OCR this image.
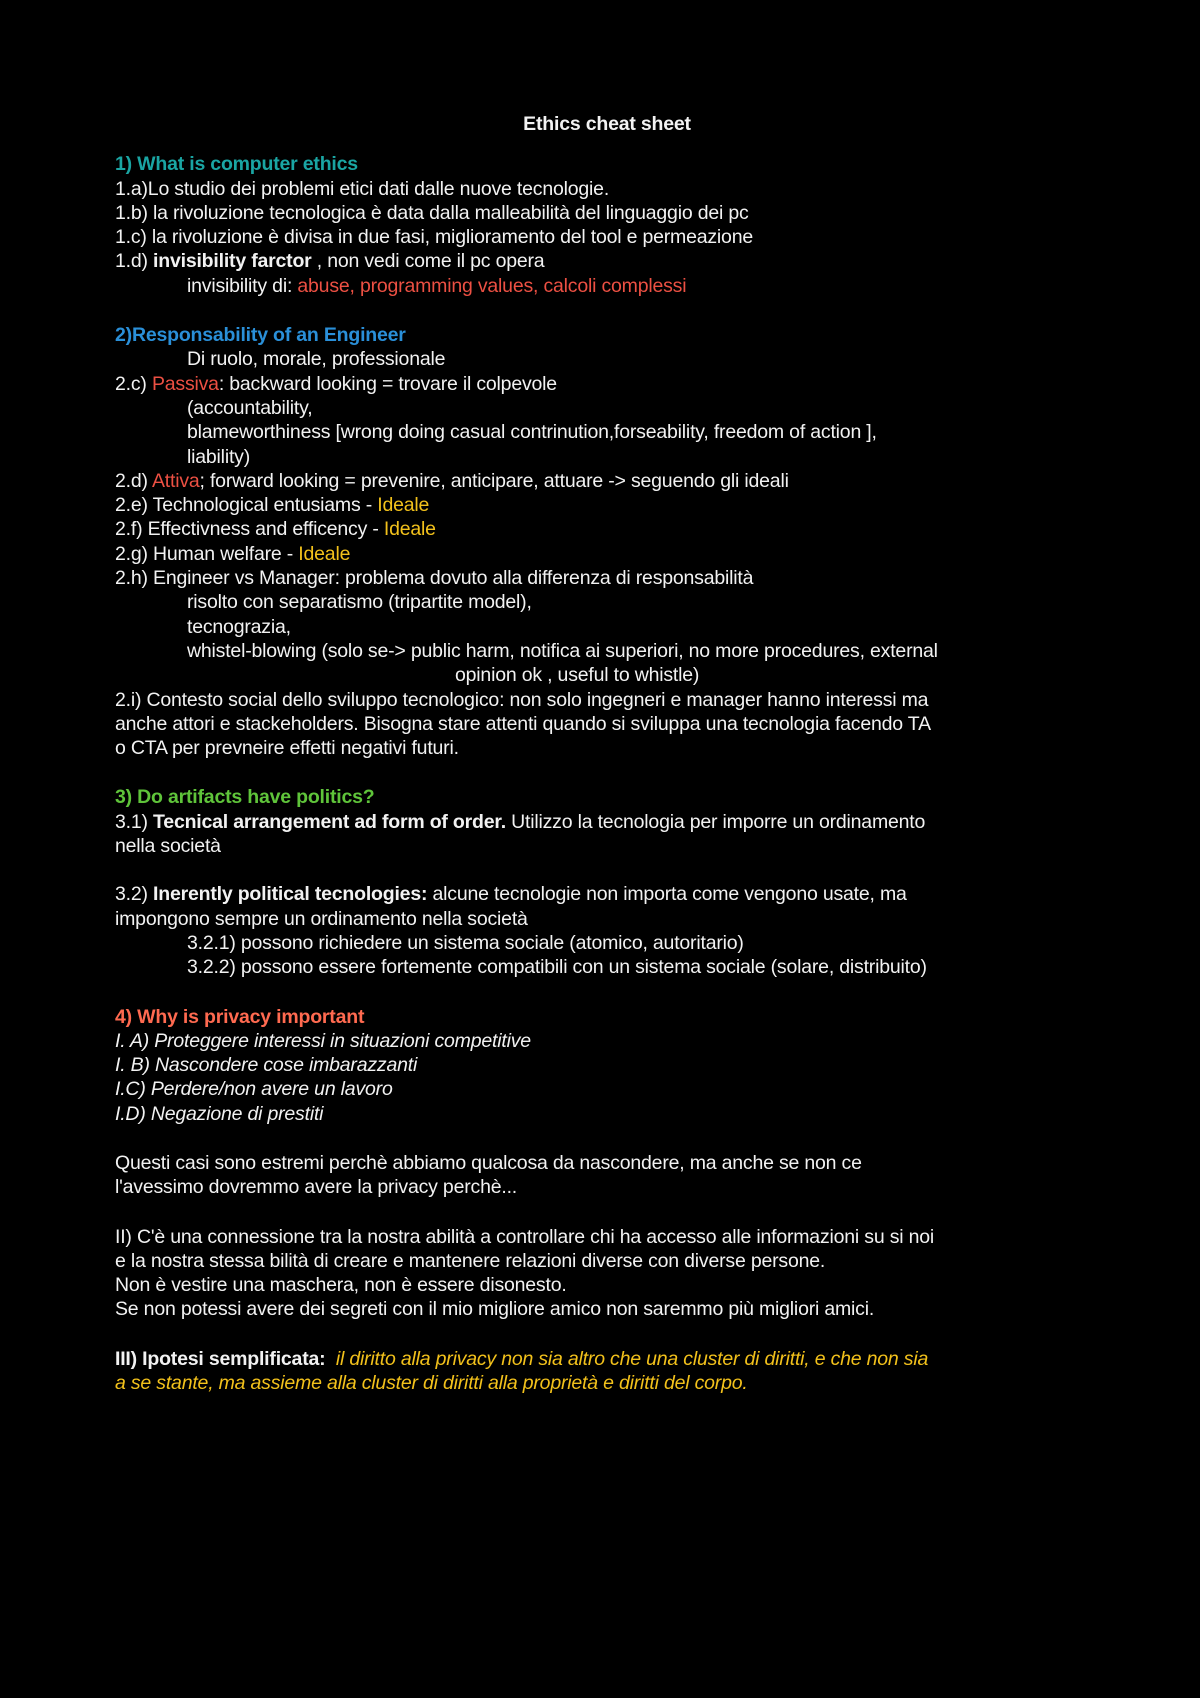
Ethics cheat sheet
1) What is computer ethics
1.a)Lo studio dei problemi etici dati dalle nuove tecnologie.
1.b) la rivoluzione tecnologica è data dalla malleabilità del linguaggio dei pc
1.c) la rivoluzione è divisa in due fasi, miglioramento del tool e permeazione
1.d) invisibility farctor , non vedi come il pc opera
invisibility di: abuse, programming values, calcoli complessi
2)Responsability of an Engineer
Di ruolo, morale, professionale
2.c) Passiva: backward looking = trovare il colpevole
(accountability,
blameworthiness [wrong doing casual contrinution,forseability, freedom of action ],
liability)
2.d) Attiva; forward looking = prevenire, anticipare, attuare -> seguendo gli ideali
2.e) Technological entusiams - Ideale
2.f) Effectivness and efficency - Ideale
2.g) Human welfare - Ideale
2.h) Engineer vs Manager: problema dovuto alla differenza di responsabilità
risolto con separatismo (tripartite model),
tecnograzia,
whistel-blowing (solo se-> public harm, notifica ai superiori, no more procedures, external
opinion ok , useful to whistle)
2.i) Contesto social dello sviluppo tecnologico: non solo ingegneri e manager hanno interessi ma
anche attori e stackeholders. Bisogna stare attenti quando si sviluppa una tecnologia facendo TA
o CTA per prevneire effetti negativi futuri.
3) Do artifacts have politics?
3.1) Tecnical arrangement ad form of order. Utilizzo la tecnologia per imporre un ordinamento
nella società
3.2) Inerently political tecnologies: alcune tecnologie non importa come vengono usate, ma
impongono sempre un ordinamento nella società
3.2.1) possono richiedere un sistema sociale (atomico, autoritario)
3.2.2) possono essere fortemente compatibili con un sistema sociale (solare, distribuito)
4) Why is privacy important
I. A) Proteggere interessi in situazioni competitive
I. B) Nascondere cose imbarazzanti
I.C) Perdere/non avere un lavoro
I.D) Negazione di prestiti
Questi casi sono estremi perchè abbiamo qualcosa da nascondere, ma anche se non ce
l'avessimo dovremmo avere la privacy perchè...
II) C'è una connessione tra la nostra abilità a controllare chi ha accesso alle informazioni su si noi
e la nostra stessa bilità di creare e mantenere relazioni diverse con diverse persone.
Non è vestire una maschera, non è essere disonesto.
Se non potessi avere dei segreti con il mio migliore amico non saremmo più migliori amici.
III) Ipotesi semplificata:  il diritto alla privacy non sia altro che una cluster di diritti, e che non sia
a se stante, ma assieme alla cluster di diritti alla proprietà e diritti del corpo.
